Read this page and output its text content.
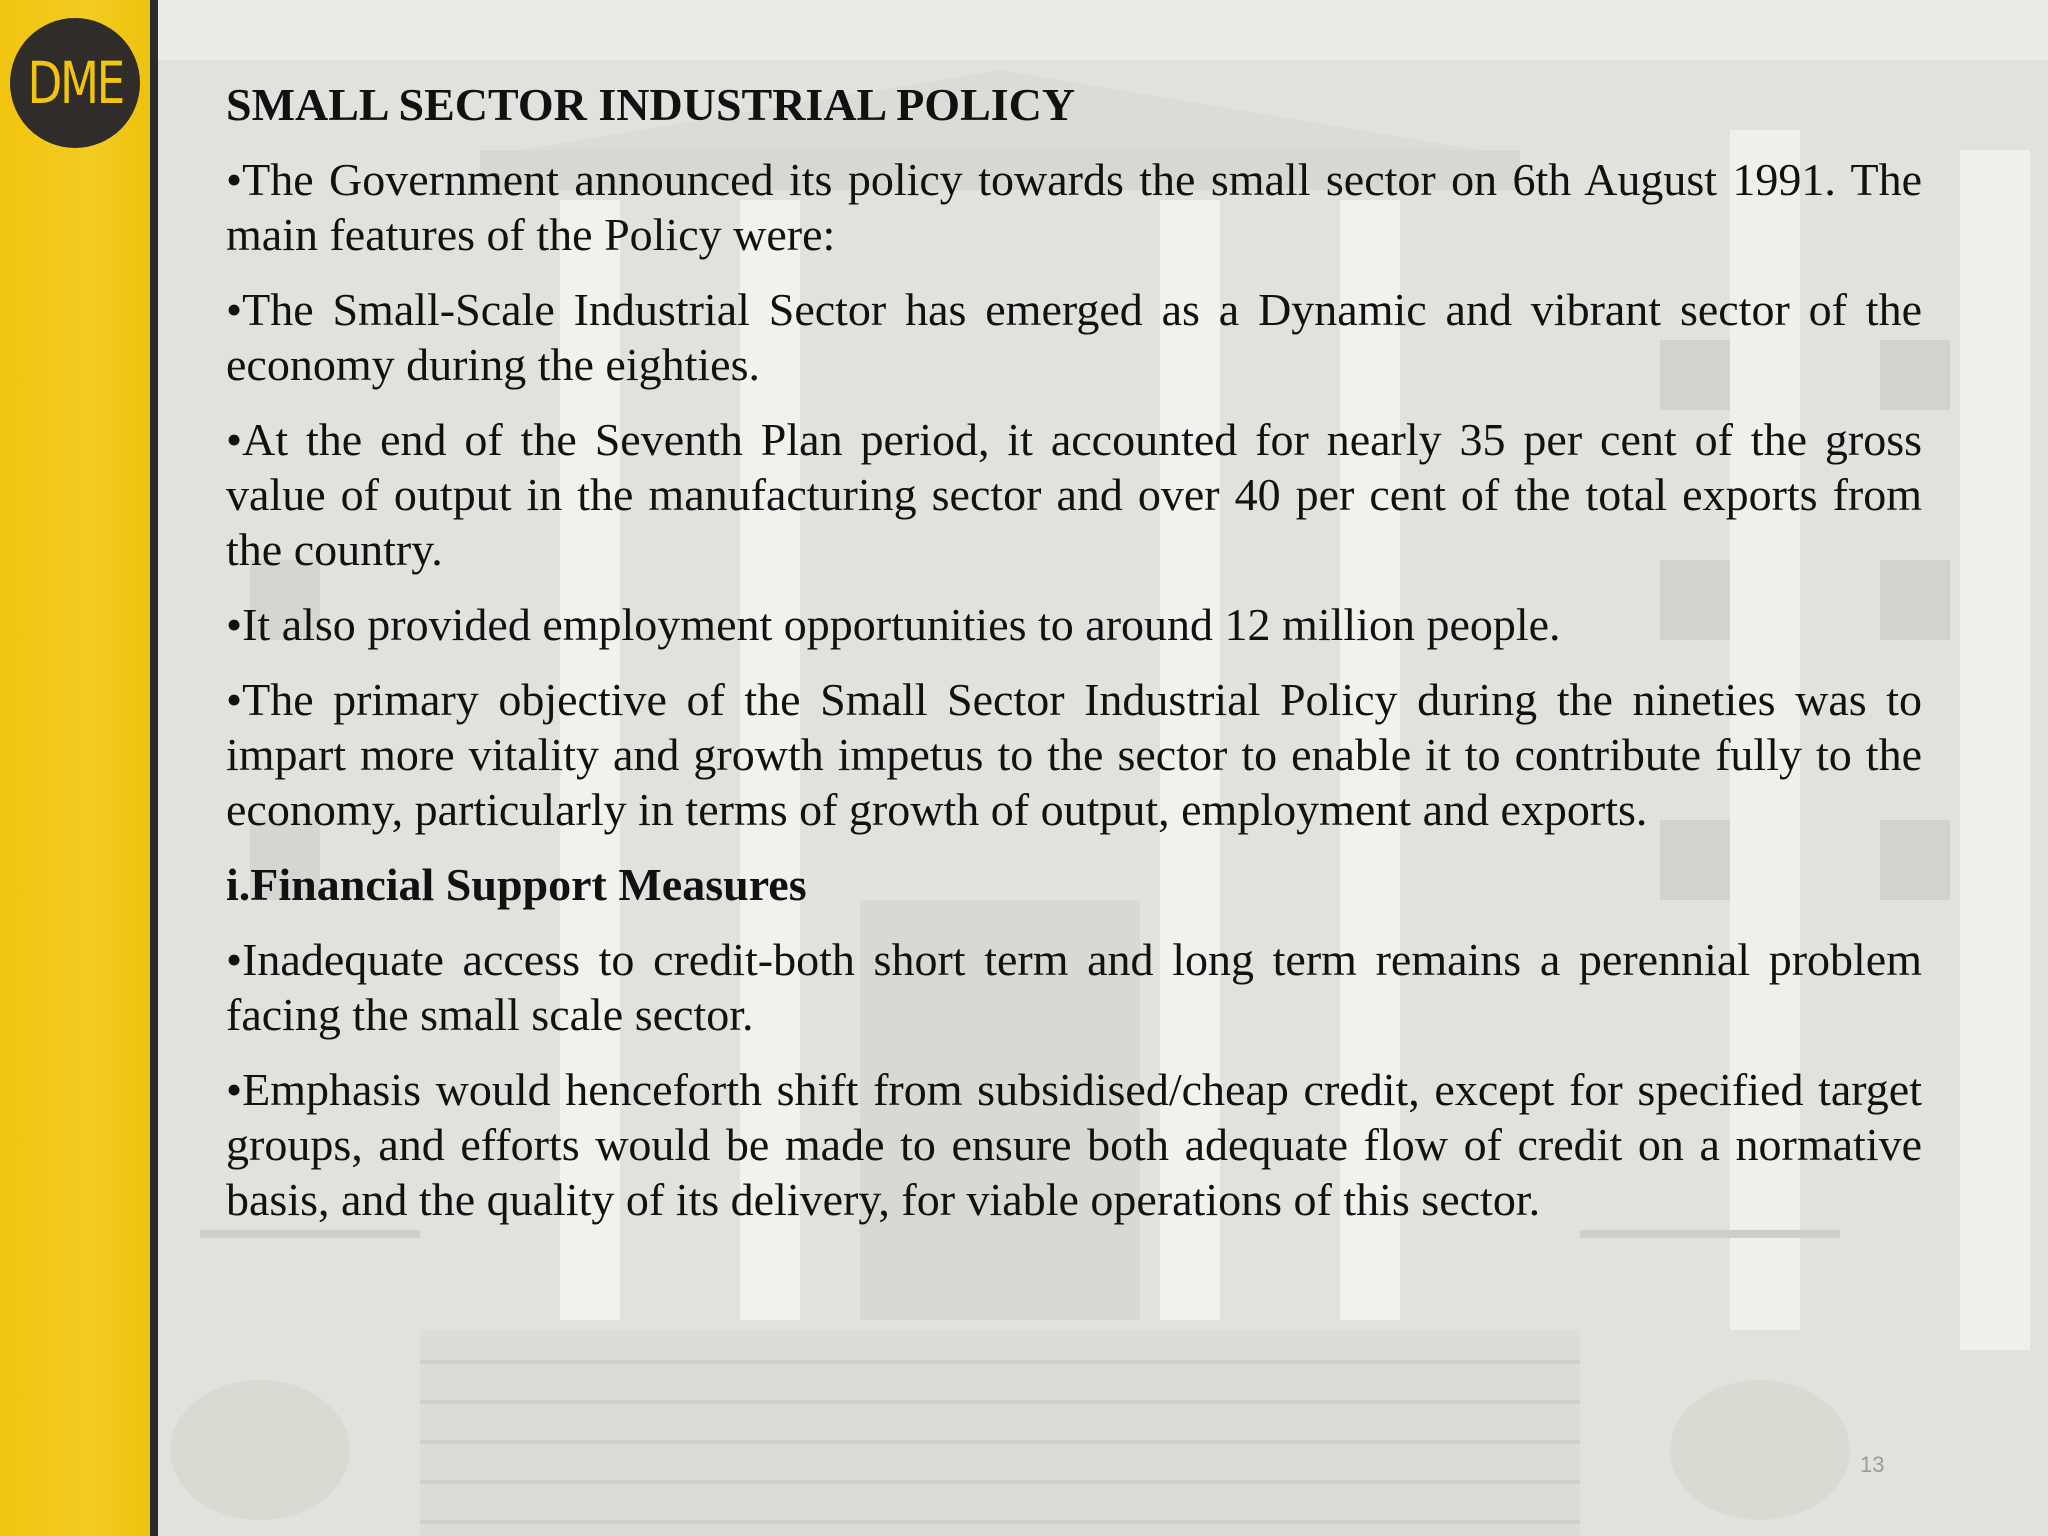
DME SMALL SECTOR INDUSTRIAL POLICY

•The Government announced its policy towards the small sector on 6th August 1991. The main features of the Policy were:

•The Small-Scale Industrial Sector has emerged as a Dynamic and vibrant sector of the economy during the eighties.

•At the end of the Seventh Plan period, it accounted for nearly 35 per cent of the gross value of output in the manufacturing sector and over 40 per cent of the total exports from the country.

•It also provided employment opportunities to around 12 million people.

•The primary objective of the Small Sector Industrial Policy during the nineties was to impart more vitality and growth impetus to the sector to enable it to contribute fully to the economy, particularly in terms of growth of output, employment and exports.

i.Financial Support Measures

•Inadequate access to credit-both short term and long term remains a perennial problem facing the small scale sector.

•Emphasis would henceforth shift from subsidised/cheap credit, except for specified target groups, and efforts would be made to ensure both adequate flow of credit on a normative basis, and the quality of its delivery, for viable operations of this sector.

13
